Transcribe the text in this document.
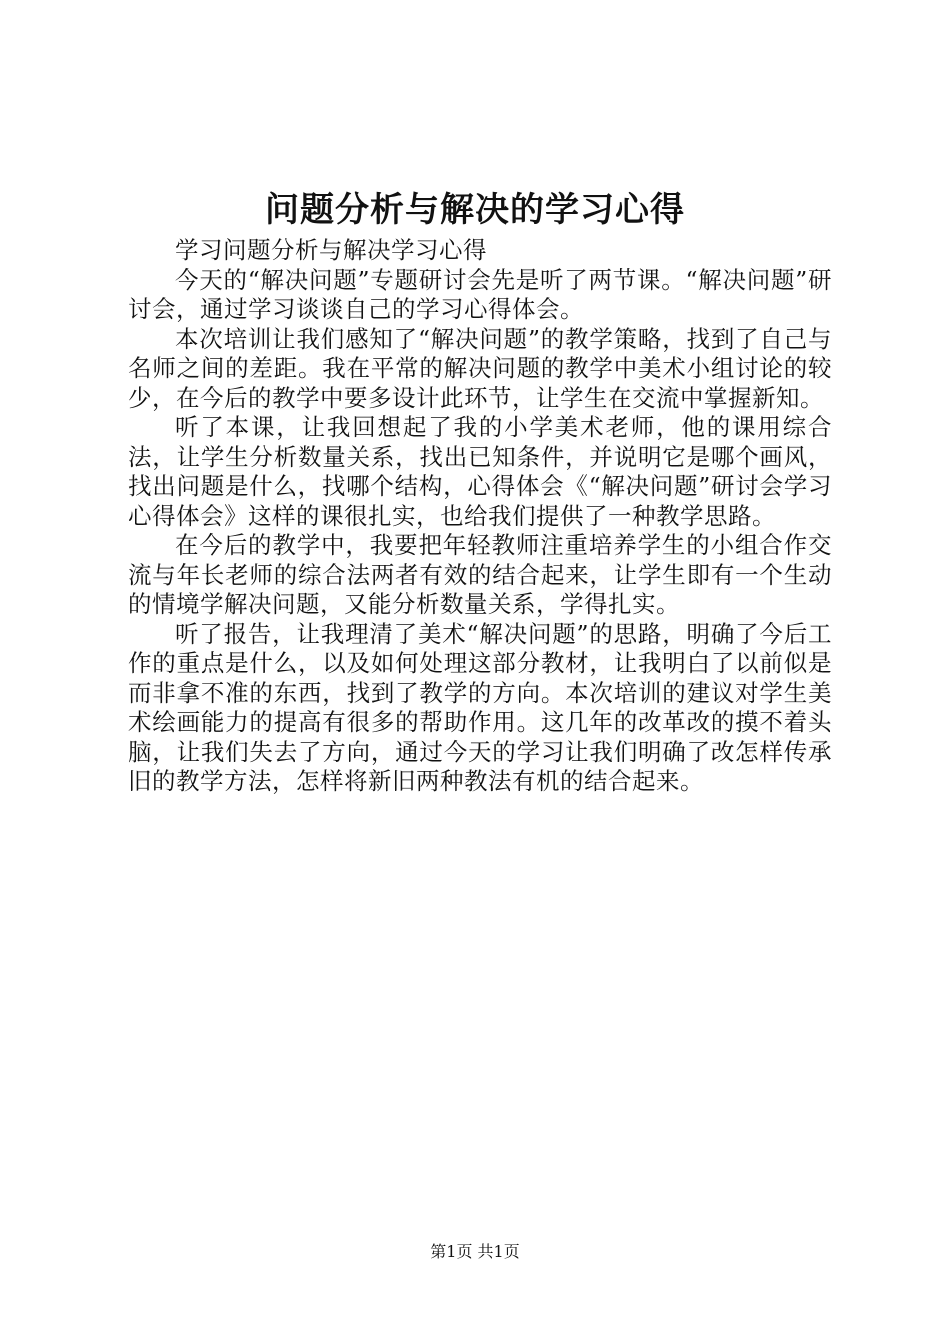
问题分析与解决的学习心得

学习问题分析与解决学习心得

今天的“解决问题”专题研讨会先是听了两节课。“解决问题”研讨会，通过学习谈谈自己的学习心得体会。

本次培训让我们感知了“解决问题”的教学策略，找到了自己与名师之间的差距。我在平常的解决问题的教学中美术小组讨论的较少，在今后的教学中要多设计此环节，让学生在交流中掌握新知。

听了本课，让我回想起了我的小学美术老师，他的课用综合法，让学生分析数量关系，找出已知条件，并说明它是哪个画风，找出问题是什么，找哪个结构，心得体会《“解决问题”研讨会学习心得体会》这样的课很扎实，也给我们提供了一种教学思路。

在今后的教学中，我要把年轻教师注重培养学生的小组合作交流与年长老师的综合法两者有效的结合起来，让学生即有一个生动的情境学解决问题，又能分析数量关系，学得扎实。

听了报告，让我理清了美术“解决问题”的思路，明确了今后工作的重点是什么，以及如何处理这部分教材，让我明白了以前似是而非拿不准的东西，找到了教学的方向。本次培训的建议对学生美术绘画能力的提高有很多的帮助作用。这几年的改革改的摸不着头脑，让我们失去了方向，通过今天的学习让我们明确了改怎样传承旧的教学方法，怎样将新旧两种教法有机的结合起来。

第1页 共1页
